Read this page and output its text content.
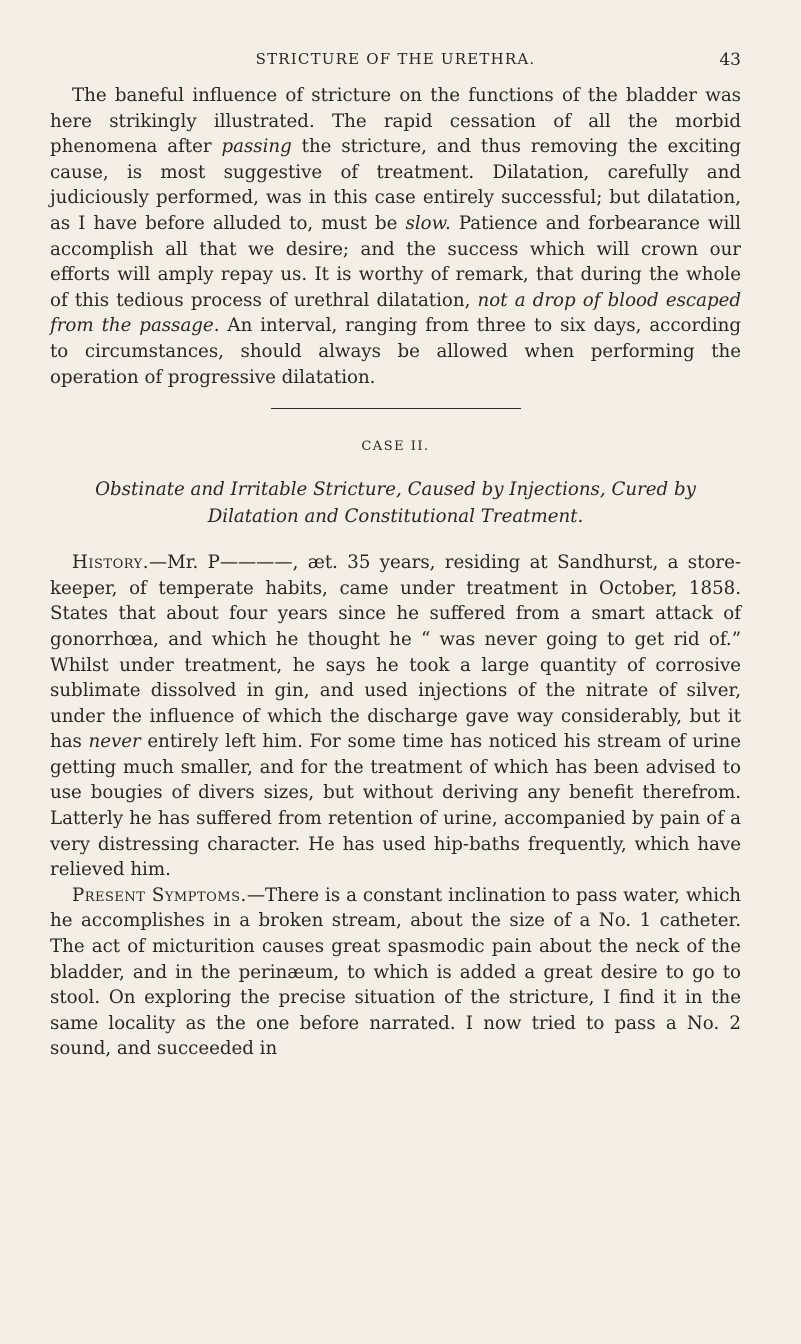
STRICTURE OF THE URETHRA.	43

The baneful influence of stricture on the functions of the bladder was here strikingly illustrated. The rapid cessation of all the morbid phenomena after passing the stricture, and thus removing the exciting cause, is most suggestive of treatment. Dilatation, carefully and judiciously performed, was in this case entirely successful; but dilatation, as I have before alluded to, must be slow. Patience and forbearance will accomplish all that we desire; and the success which will crown our efforts will amply repay us. It is worthy of remark, that during the whole of this tedious process of urethral dilatation, not a drop of blood escaped from the passage. An interval, ranging from three to six days, according to circumstances, should always be allowed when performing the operation of progressive dilatation.

CASE II.
Obstinate and Irritable Stricture, Caused by Injections, Cured by Dilatation and Constitutional Treatment.

History.—Mr. P————, æt. 35 years, residing at Sandhurst, a store-keeper, of temperate habits, came under treatment in October, 1858. States that about four years since he suffered from a smart attack of gonorrhœa, and which he thought he “ was never going to get rid of.” Whilst under treatment, he says he took a large quantity of corrosive sublimate dissolved in gin, and used injections of the nitrate of silver, under the influence of which the discharge gave way considerably, but it has never entirely left him. For some time has noticed his stream of urine getting much smaller, and for the treatment of which has been advised to use bougies of divers sizes, but without deriving any benefit therefrom. Latterly he has suffered from retention of urine, accompanied by pain of a very distressing character. He has used hip-baths frequently, which have relieved him.

Present Symptoms.—There is a constant inclination to pass water, which he accomplishes in a broken stream, about the size of a No. 1 catheter. The act of micturition causes great spasmodic pain about the neck of the bladder, and in the perinæum, to which is added a great desire to go to stool. On exploring the precise situation of the stricture, I find it in the same locality as the one before narrated. I now tried to pass a No. 2 sound, and succeeded in
